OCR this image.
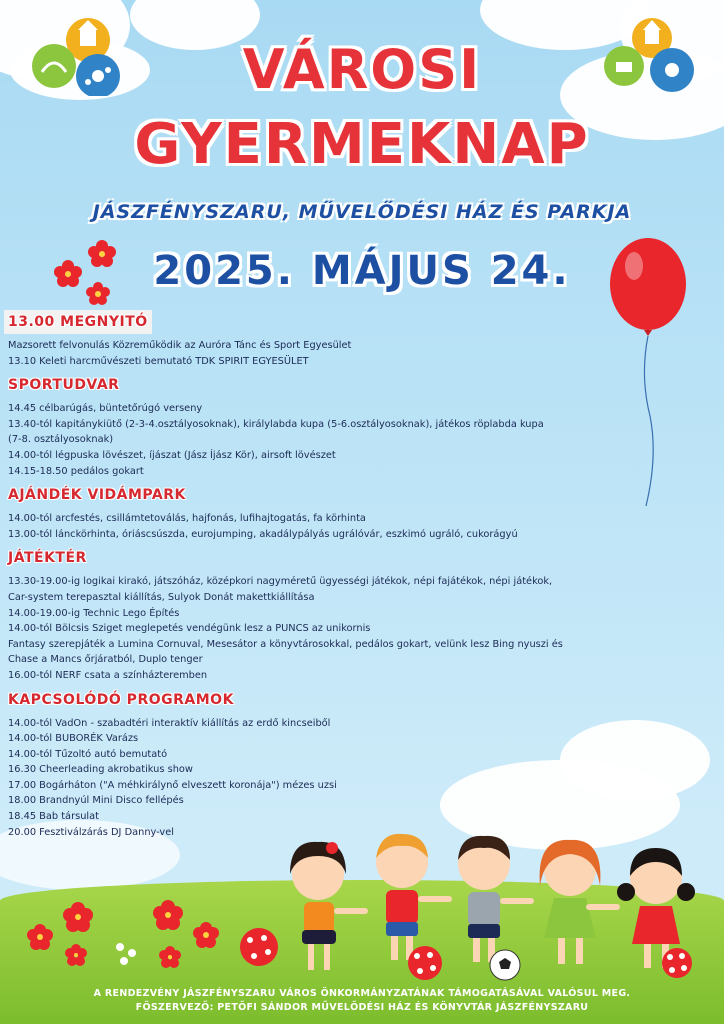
VÁROSI
GYERMEKNAP
JÁSZFÉNYSZARU, MŰVELŐDÉSI HÁZ ÉS PARKJA
2025. MÁJUS 24.
13.00 MEGNYITÓ
Mazsorett felvonulás Közreműködik az Auróra Tánc és Sport Egyesület
13.10 Keleti harcművészeti bemutató TDK SPIRIT EGYESÜLET
SPORTUDVAR
14.45 célbarúgás, büntetőrúgó verseny
13.40-tól kapitánykiütő (2-3-4.osztályosoknak), királylabda kupa (5-6.osztályosoknak), játékos röplabda kupa
(7-8. osztályosoknak)
14.00-tól légpuska lövészet, íjászat (Jász Íjász Kör), airsoft lövészet
14.15-18.50 pedálos gokart
AJÁNDÉK VIDÁMPARK
14.00-tól arcfestés, csillámtetoválás, hajfonás, lufihajtogatás, fa körhinta
13.00-tól lánckörhinta, óriáscsúszda, eurojumping, akadálypályás ugrálóvár, eszkimó ugráló, cukorágyú
JÁTÉKTÉR
13.30-19.00-ig logikai kirakó, játszóház, középkori nagyméretű ügyességi játékok, népi fajátékok, népi játékok,
Car-system terepasztal kiállítás, Sulyok Donát makettkiállítása
14.00-19.00-ig Technic Lego Építés
14.00-tól Bölcsis Sziget meglepetés vendégünk lesz a PUNCS az unikornis
Fantasy szerepjáték a Lumina Cornuval, Mesesátor a könyvtárosokkal, pedálos gokart, velünk lesz Bing nyuszi és
Chase a Mancs őrjáratból, Duplo tenger
16.00-tól NERF csata a színházteremben
KAPCSOLÓDÓ PROGRAMOK
14.00-tól VadOn - szabadtéri interaktív kiállítás az erdő kincseiből
14.00-tól BUBORÉK Varázs
14.00-tól Tűzoltó autó bemutató
16.30 Cheerleading akrobatikus show
17.00 Bogárháton ("A méhkirálynő elveszett koronája") mézes uzsi
18.00 Brandnyúl Mini Disco fellépés
18.45 Bab társulat
20.00 Fesztiválzárás DJ Danny-vel
A RENDEZVÉNY JÁSZFÉNYSZARU VÁROS ÖNKORMÁNYZATÁNAK TÁMOGATÁSÁVAL VALÓSUL MEG.
FŐSZERVEZŐ: PETŐFI SÁNDOR MŰVELŐDÉSI HÁZ ÉS KÖNYVTÁR JÁSZFÉNYSZARU
